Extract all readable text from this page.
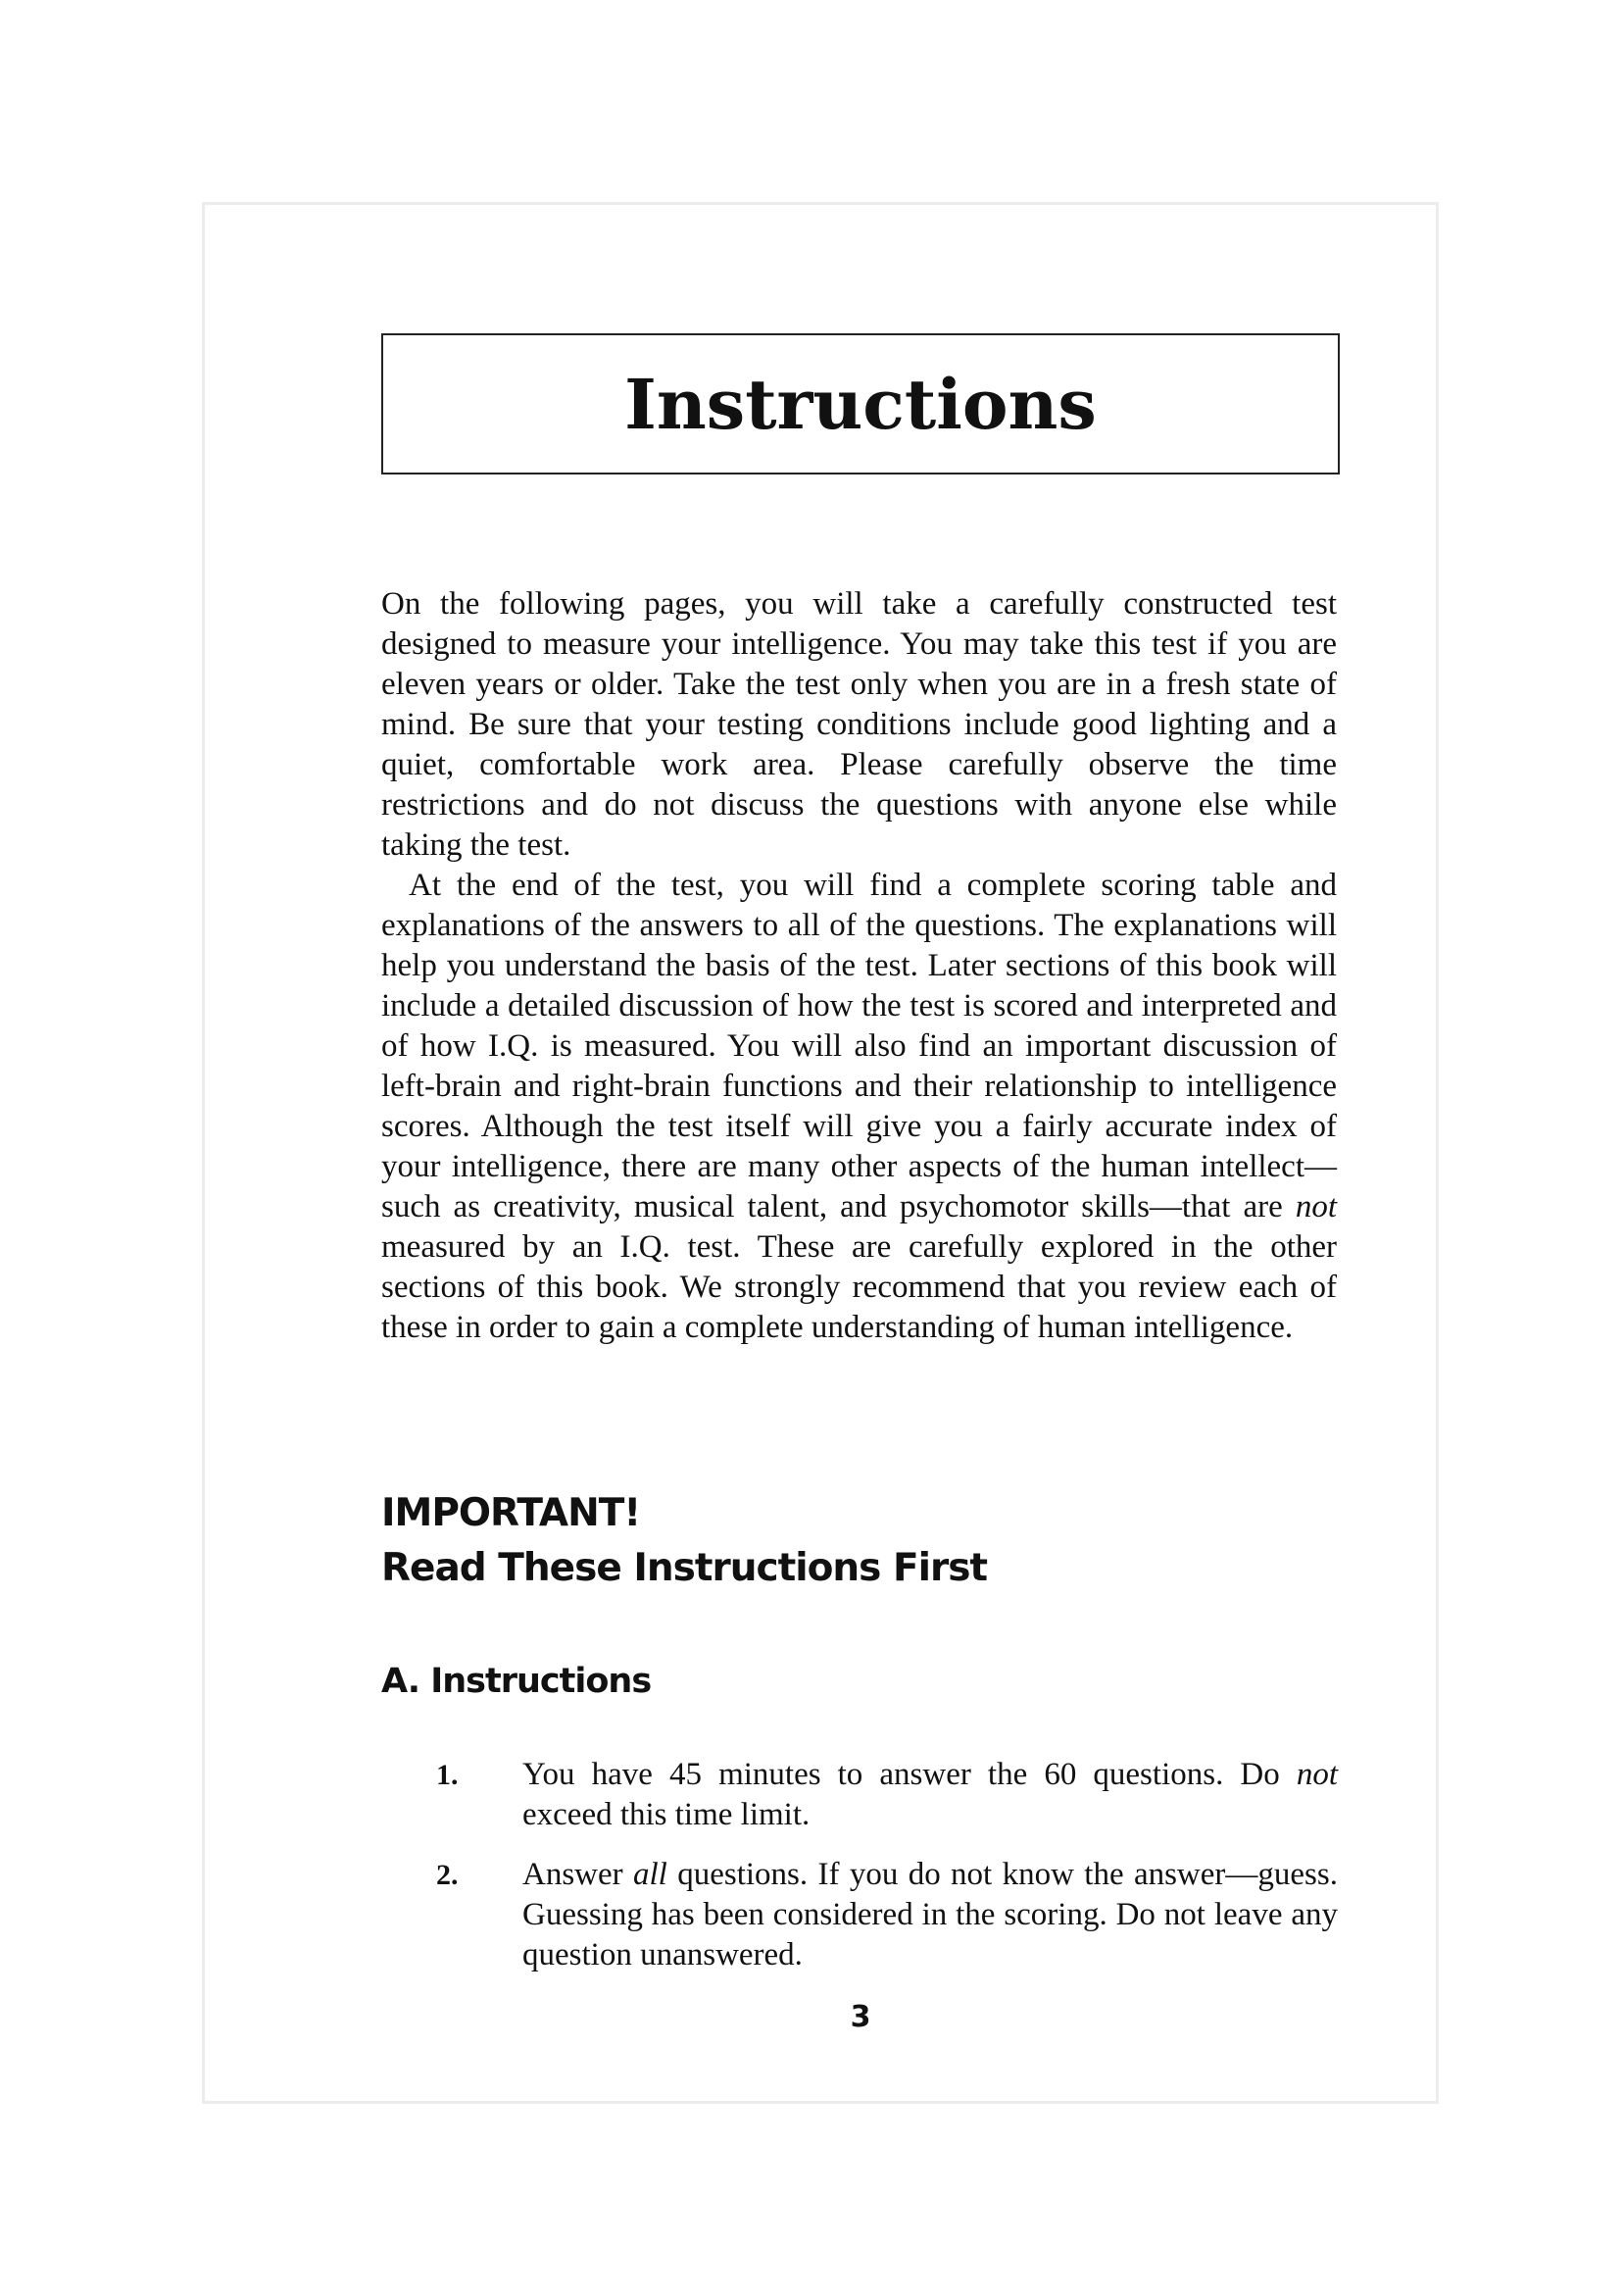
Instructions

On the following pages, you will take a carefully constructed test designed to measure your intelligence. You may take this test if you are eleven years or older. Take the test only when you are in a fresh state of mind. Be sure that your testing conditions include good lighting and a quiet, comfortable work area. Please carefully observe the time restrictions and do not discuss the questions with anyone else while taking the test.

At the end of the test, you will find a complete scoring table and explanations of the answers to all of the questions. The explanations will help you understand the basis of the test. Later sections of this book will include a detailed discussion of how the test is scored and interpreted and of how I.Q. is measured. You will also find an important discussion of left-brain and right-brain functions and their relationship to intelligence scores. Although the test itself will give you a fairly accurate index of your intelligence, there are many other aspects of the human intellect—such as creativity, musical talent, and psychomotor skills—that are not measured by an I.Q. test. These are carefully explored in the other sections of this book. We strongly recommend that you review each of these in order to gain a complete understanding of human intelligence.

IMPORTANT!
Read These Instructions First
A. Instructions
1.	You have 45 minutes to answer the 60 questions. Do not exceed this time limit.
2.	Answer all questions. If you do not know the answer—guess. Guessing has been considered in the scoring. Do not leave any question unanswered.
3
